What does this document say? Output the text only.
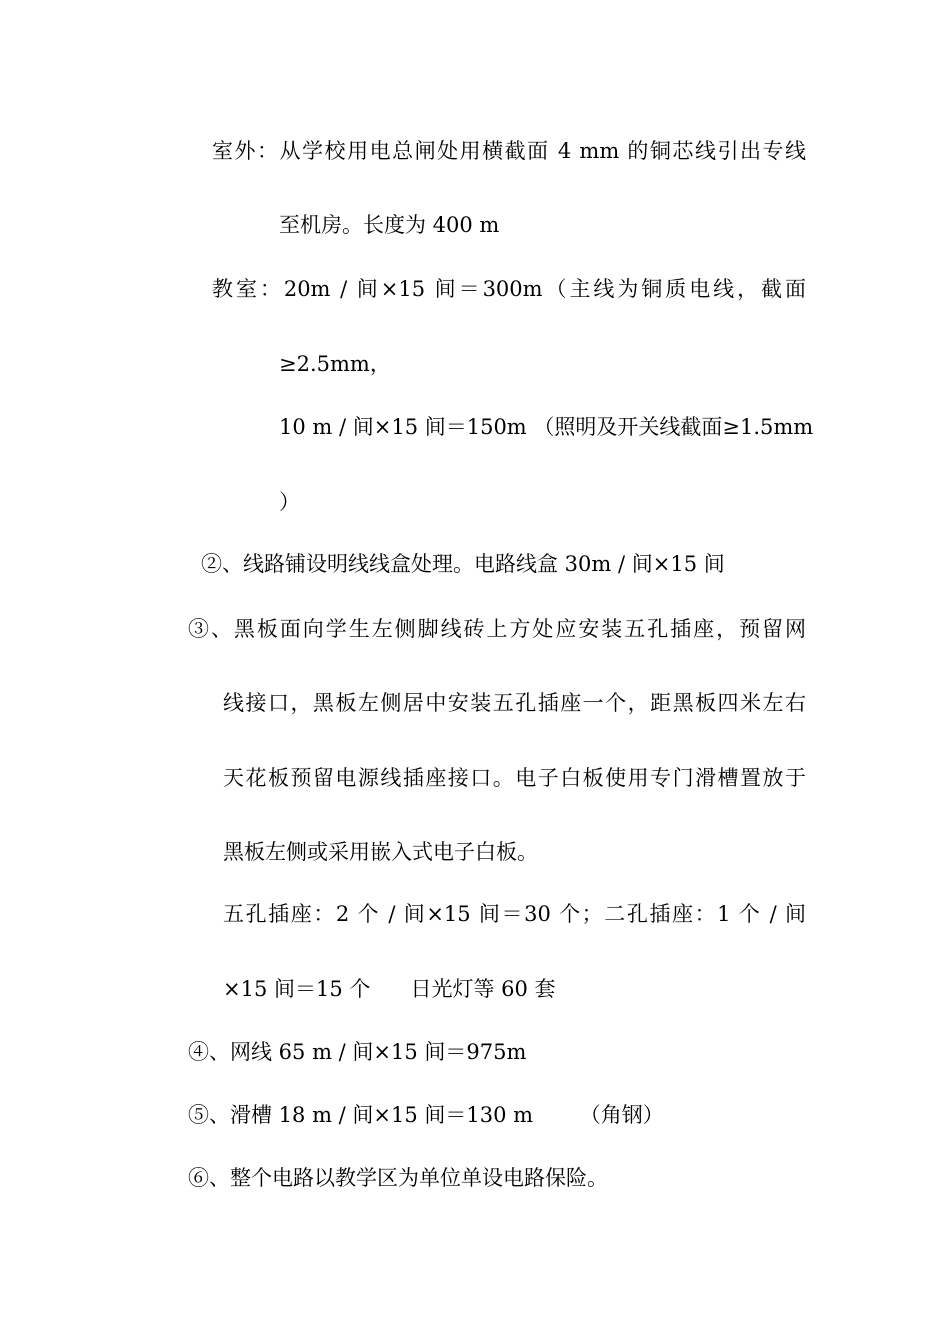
室外：从学校用电总闸处用横截面 4 mm 的铜芯线引出专线
至机房。长度为 400 m
教室：20m / 间×15 间＝300m（主线为铜质电线，截面
≥2.5mm，
10 m / 间×15 间＝150m （照明及开关线截面≥1.5mm
）
②、线路铺设明线线盒处理。电路线盒 30m / 间×15 间
③、黑板面向学生左侧脚线砖上方处应安装五孔插座，预留网
线接口，黑板左侧居中安装五孔插座一个，距黑板四米左右
天花板预留电源线插座接口。电子白板使用专门滑槽置放于
黑板左侧或采用嵌入式电子白板。
五孔插座：2 个 / 间×15 间＝30 个；二孔插座：1 个 / 间
×15 间＝15 个      日光灯等 60 套
④、网线 65 m / 间×15 间＝975m
⑤、滑槽 18 m / 间×15 间＝130 m       （角钢）
⑥、整个电路以教学区为单位单设电路保险。
